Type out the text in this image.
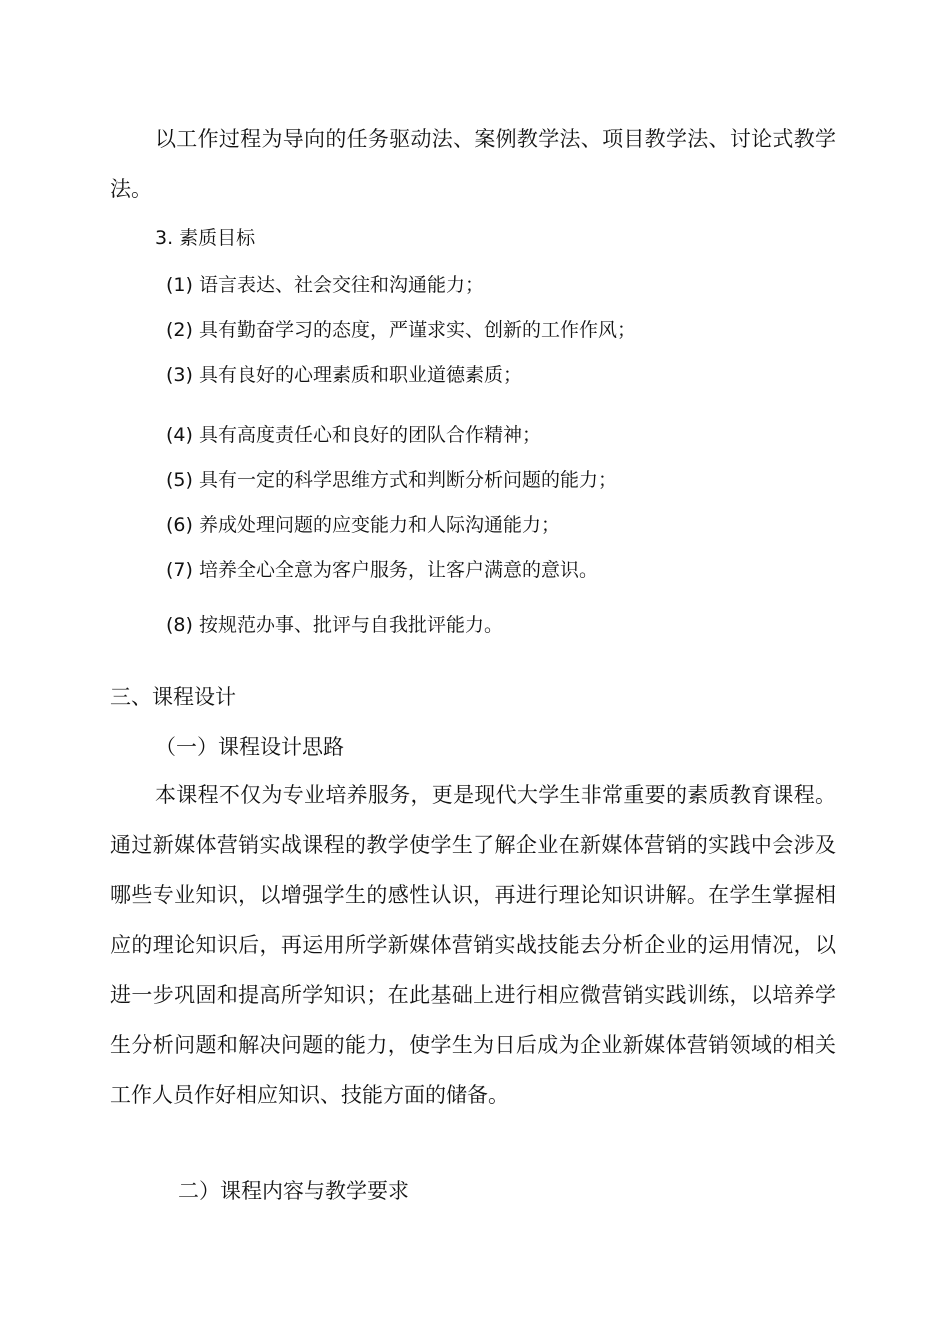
以工作过程为导向的任务驱动法、案例教学法、项目教学法、讨论式教学

法。

3. 素质目标

(1) 语言表达、社会交往和沟通能力；

(2) 具有勤奋学习的态度，严谨求实、创新的工作作风；

(3) 具有良好的心理素质和职业道德素质；

(4) 具有高度责任心和良好的团队合作精神；

(5) 具有一定的科学思维方式和判断分析问题的能力；

(6) 养成处理问题的应变能力和人际沟通能力；

(7) 培养全心全意为客户服务，让客户满意的意识。

(8) 按规范办事、批评与自我批评能力。

三、课程设计

（一）课程设计思路

本课程不仅为专业培养服务，更是现代大学生非常重要的素质教育课程。

通过新媒体营销实战课程的教学使学生了解企业在新媒体营销的实践中会涉及

哪些专业知识，以增强学生的感性认识，再进行理论知识讲解。在学生掌握相

应的理论知识后，再运用所学新媒体营销实战技能去分析企业的运用情况，以

进一步巩固和提高所学知识；在此基础上进行相应微营销实践训练，以培养学

生分析问题和解决问题的能力，使学生为日后成为企业新媒体营销领域的相关

工作人员作好相应知识、技能方面的储备。

二）课程内容与教学要求
